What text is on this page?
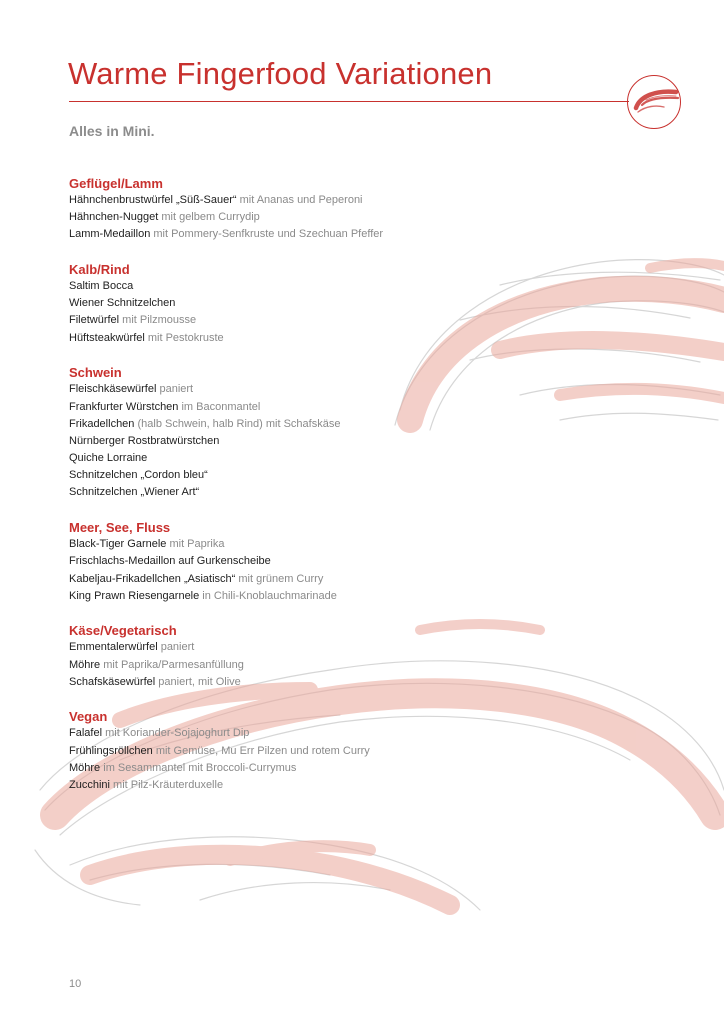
Warme Fingerfood Variationen
Alles in Mini.
Geflügel/Lamm
Hähnchenbrustwürfel „Süß-Sauer“ mit Ananas und Peperoni
Hähnchen-Nugget mit gelbem Currydip
Lamm-Medaillon mit Pommery-Senfkruste und Szechuan Pfeffer
Kalb/Rind
Saltim Bocca
Wiener Schnitzelchen
Filetwürfel mit Pilzmousse
Hüftsteakwürfel mit Pestokruste
Schwein
Fleischkäsewürfel paniert
Frankfurter Würstchen im Baconmantel
Frikadellchen (halb Schwein, halb Rind) mit Schafskäse
Nürnberger Rostbratwürstchen
Quiche Lorraine
Schnitzelchen „Cordon bleu“
Schnitzelchen „Wiener Art“
Meer, See, Fluss
Black-Tiger Garnele mit Paprika
Frischlachs-Medaillon auf Gurkenscheibe
Kabeljau-Frikadellchen „Asiatisch“ mit grünem Curry
King Prawn Riesengarnele in Chili-Knoblauchmarinade
Käse/Vegetarisch
Emmentalerwürfel paniert
Möhre mit Paprika/Parmesanfüllung
Schafskäsewürfel paniert, mit Olive
Vegan
Falafel mit Koriander-Sojajoghurt Dip
Frühlingsröllchen mit Gemüse, Mu Err Pilzen und rotem Curry
Möhre im Sesammantel mit Broccoli-Currymus
Zucchini mit Pilz-Kräuterduxelle
10
